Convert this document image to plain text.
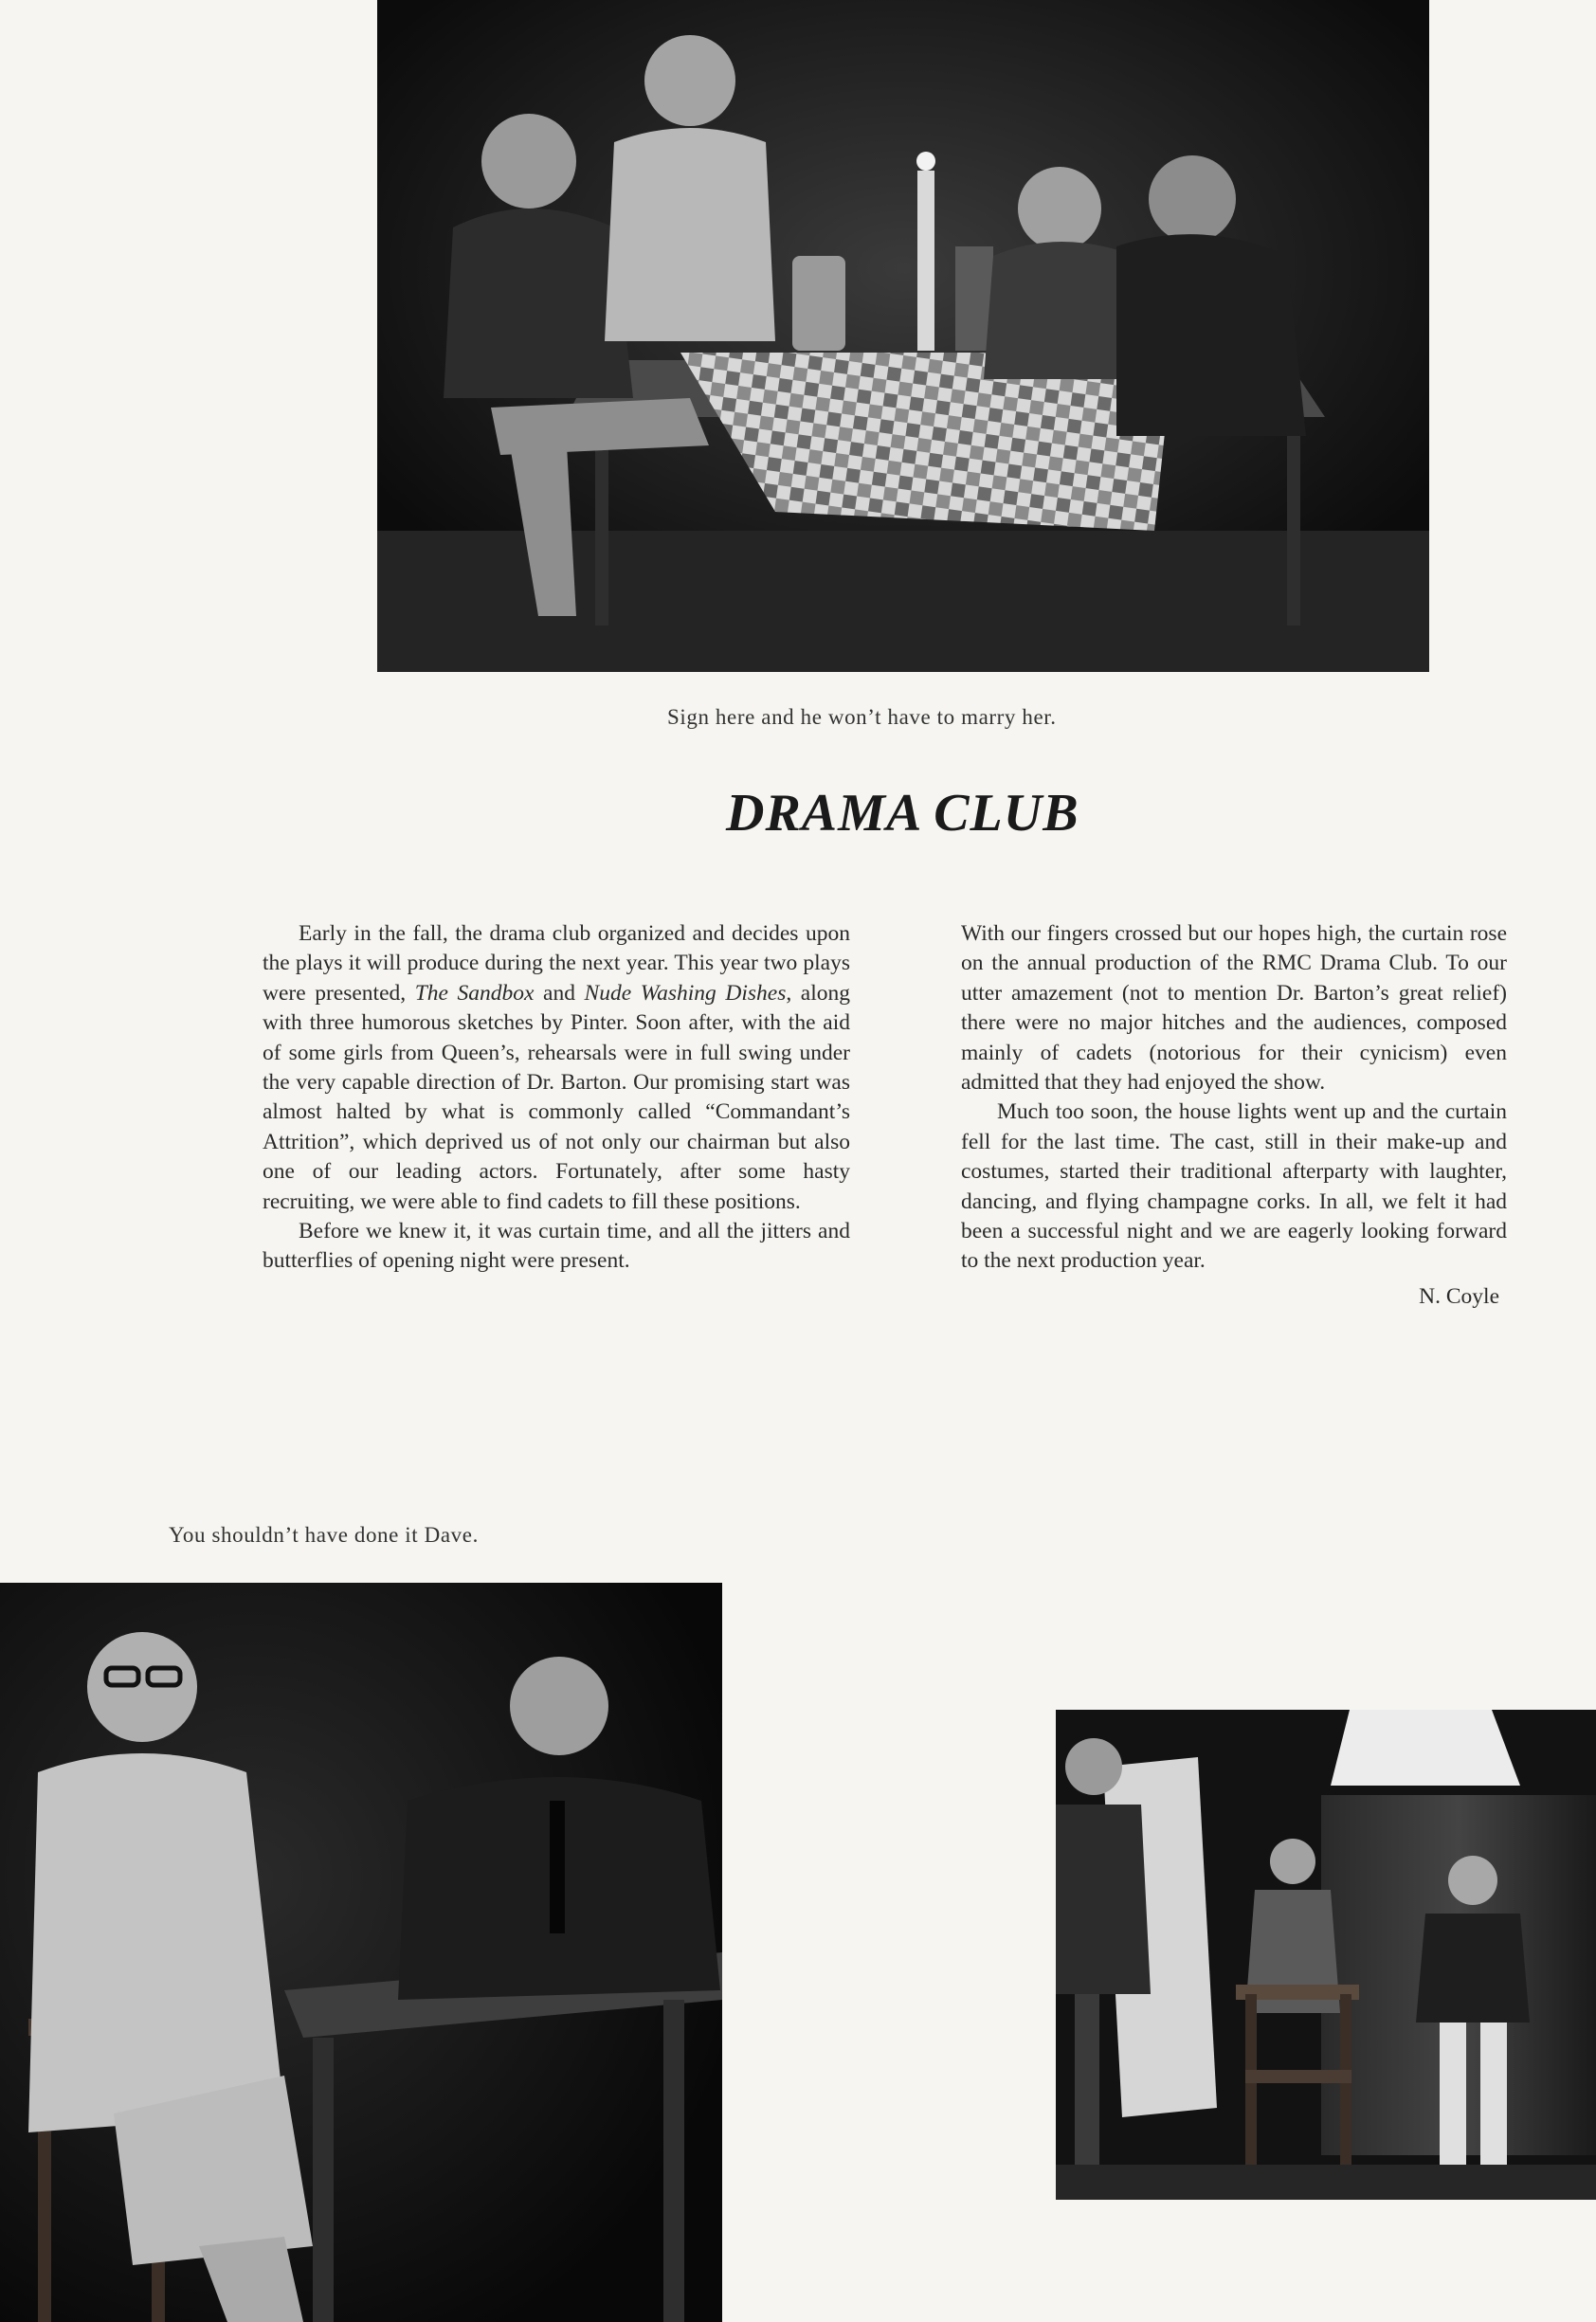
Sign here and he won’t have to marry her.
DRAMA CLUB

Early in the fall, the drama club organized and decides upon the plays it will produce during the next year. This year two plays were presented, The Sandbox and Nude Washing Dishes, along with three humorous sketches by Pinter. Soon after, with the aid of some girls from Queen’s, rehearsals were in full swing under the very capable direction of Dr. Barton. Our promising start was almost halted by what is commonly called “Commandant’s Attrition”, which deprived us of not only our chairman but also one of our leading actors. Fortunately, after some hasty recruiting, we were able to find cadets to fill these positions.

Before we knew it, it was curtain time, and all the jitters and butterflies of opening night were present.

With our fingers crossed but our hopes high, the curtain rose on the annual production of the RMC Drama Club. To our utter amazement (not to mention Dr. Barton’s great relief) there were no major hitches and the audiences, composed mainly of cadets (notorious for their cynicism) even admitted that they had enjoyed the show.

Much too soon, the house lights went up and the curtain fell for the last time. The cast, still in their make-up and costumes, started their traditional afterparty with laughter, dancing, and flying champagne corks. In all, we felt it had been a successful night and we are eagerly looking forward to the next production year.

N. Coyle
You shouldn’t have done it Dave.
